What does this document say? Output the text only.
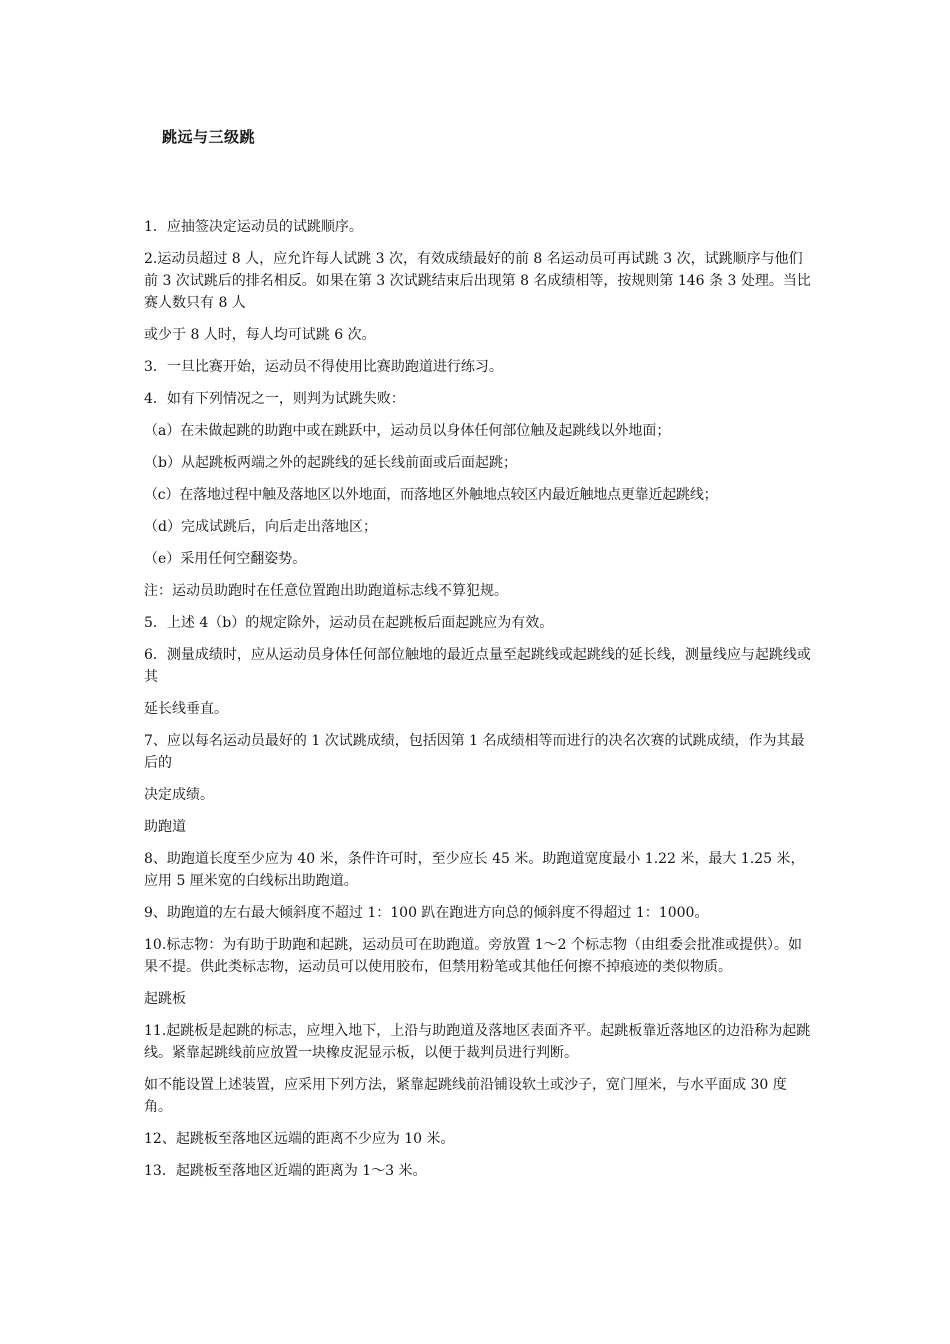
跳远与三级跳

1．应抽签决定运动员的试跳顺序。

2.运动员超过 8 人，应允许每人试跳 3 次，有效成绩最好的前 8 名运动员可再试跳 3 次，试跳顺序与他们前 3 次试跳后的排名相反。如果在第 3 次试跳结束后出现第 8 名成绩相等，按规则第 146 条 3 处理。当比赛人数只有 8 人

或少于 8 人时，每人均可试跳 6 次。

3．一旦比赛开始，运动员不得使用比赛助跑道进行练习。

4．如有下列情况之一，则判为试跳失败：

（a）在未做起跳的助跑中或在跳跃中，运动员以身体任何部位触及起跳线以外地面；

（b）从起跳板两端之外的起跳线的延长线前面或后面起跳；

（c）在落地过程中触及落地区以外地面，而落地区外触地点较区内最近触地点更靠近起跳线；

（d）完成试跳后，向后走出落地区；

（e）采用任何空翻姿势。

注：运动员助跑时在任意位置跑出助跑道标志线不算犯规。

5．上述 4（b）的规定除外，运动员在起跳板后面起跳应为有效。

6．测量成绩时，应从运动员身体任何部位触地的最近点量至起跳线或起跳线的延长线，测量线应与起跳线或其

延长线垂直。

7、应以每名运动员最好的 1 次试跳成绩，包括因第 1 名成绩相等而进行的决名次赛的试跳成绩，作为其最后的

决定成绩。

助跑道

8、助跑道长度至少应为 40 米，条件许可时，至少应长 45 米。助跑道宽度最小 1.22 米，最大 1.25 米，应用 5 厘米宽的白线标出助跑道。

9、助跑道的左右最大倾斜度不超过 1：100 趴在跑进方向总的倾斜度不得超过 1：1000。

10.标志物：为有助于助跑和起跳，运动员可在助跑道。旁放置 1～2 个标志物（由组委会批准或提供）。如果不提。供此类标志物，运动员可以使用胶布，但禁用粉笔或其他任何擦不掉痕迹的类似物质。

起跳板

11.起跳板是起跳的标志，应埋入地下，上沿与助跑道及落地区表面齐平。起跳板靠近落地区的边沿称为起跳线。紧靠起跳线前应放置一块橡皮泥显示板，以便于裁判员进行判断。

如不能设置上述装置，应采用下列方法，紧靠起跳线前沿铺设软土或沙子，宽门厘米，与水平面成 30 度角。

12、起跳板至落地区远端的距离不少应为 10 米。

13．起跳板至落地区近端的距离为 1～3 米。
